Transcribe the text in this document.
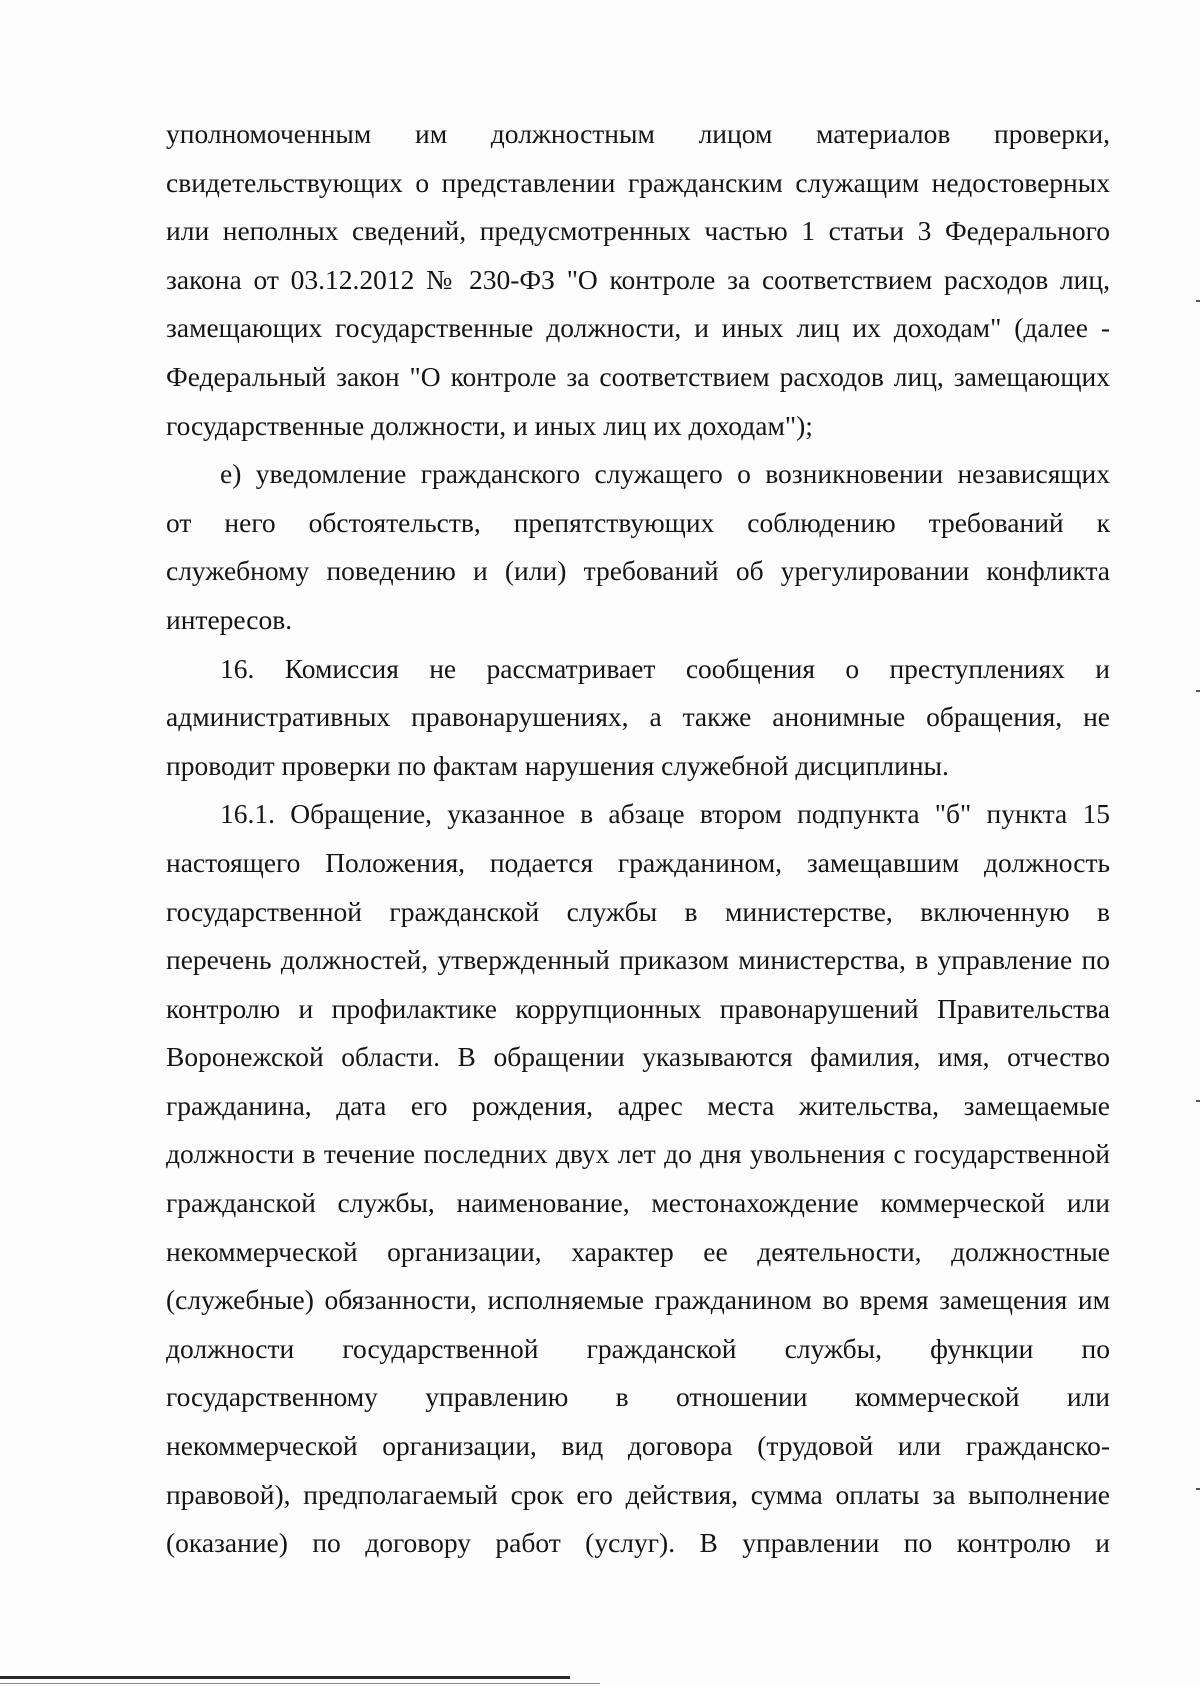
уполномоченным им должностным лицом материалов проверки,
свидетельствующих о представлении гражданским служащим недостоверных
или неполных сведений, предусмотренных частью 1 статьи 3 Федерального
закона от 03.12.2012 № 230-ФЗ "О контроле за соответствием расходов лиц,
замещающих государственные должности, и иных лиц их доходам" (далее -
Федеральный закон "О контроле за соответствием расходов лиц, замещающих
государственные должности, и иных лиц их доходам");
е) уведомление гражданского служащего о возникновении независящих
от него обстоятельств, препятствующих соблюдению требований к
служебному поведению и (или) требований об урегулировании конфликта
интересов.
16. Комиссия не рассматривает сообщения о преступлениях и
административных правонарушениях, а также анонимные обращения, не
проводит проверки по фактам нарушения служебной дисциплины.
16.1. Обращение, указанное в абзаце втором подпункта "б" пункта 15
настоящего Положения, подается гражданином, замещавшим должность
государственной гражданской службы в министерстве, включенную в
перечень должностей, утвержденный приказом министерства, в управление по
контролю и профилактике коррупционных правонарушений Правительства
Воронежской области. В обращении указываются фамилия, имя, отчество
гражданина, дата его рождения, адрес места жительства, замещаемые
должности в течение последних двух лет до дня увольнения с государственной
гражданской службы, наименование, местонахождение коммерческой или
некоммерческой организации, характер ее деятельности, должностные
(служебные) обязанности, исполняемые гражданином во время замещения им
должности государственной гражданской службы, функции по
государственному управлению в отношении коммерческой или
некоммерческой организации, вид договора (трудовой или гражданско-
правовой), предполагаемый срок его действия, сумма оплаты за выполнение
(оказание) по договору работ (услуг). В управлении по контролю и
